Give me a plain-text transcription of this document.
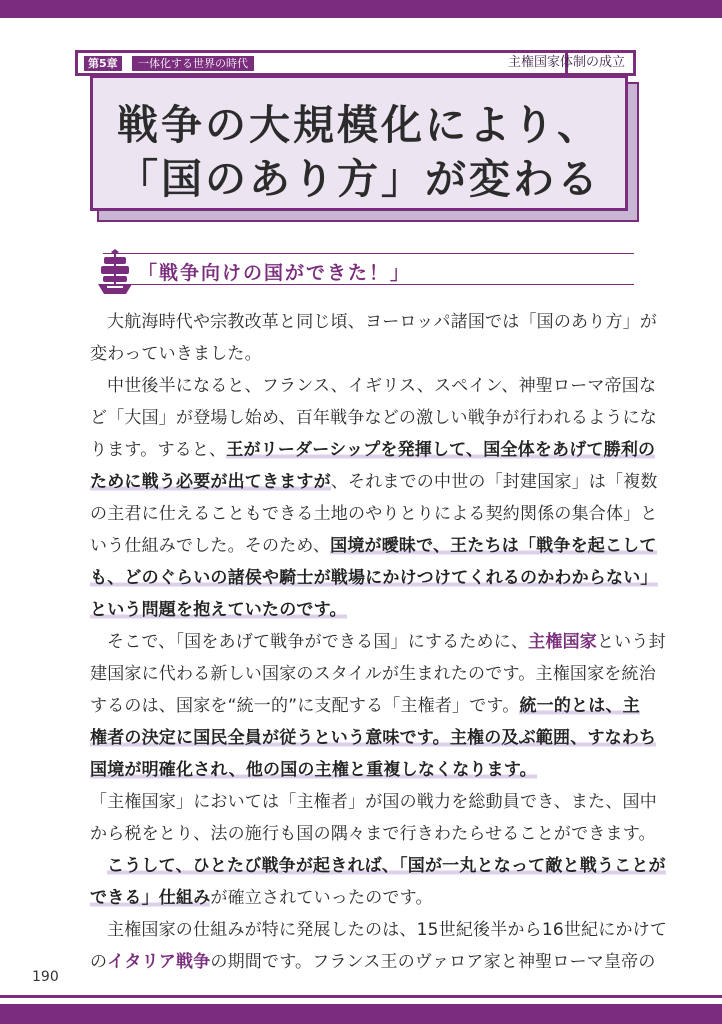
戦争の大規模化により、
「国のあり方」が変わる
第5章	一体化する世界の時代	主権国家体制の成立
「戦争向けの国ができた！」
大航海時代や宗教改革と同じ頃、ヨーロッパ諸国では「国のあり方」が
変わっていきました。
中世後半になると、フランス、イギリス、スペイン、神聖ローマ帝国な
ど「大国」が登場し始め、百年戦争などの激しい戦争が行われるようにな
ります。すると、王がリーダーシップを発揮して、国全体をあげて勝利の
ために戦う必要が出てきますが、それまでの中世の「封建国家」は「複数
の主君に仕えることもできる土地のやりとりによる契約関係の集合体」と
いう仕組みでした。そのため、国境が曖昧で、王たちは「戦争を起こして
も、どのぐらいの諸侯や騎士が戦場にかけつけてくれるのかわからない」
という問題を抱えていたのです。
そこで、「国をあげて戦争ができる国」にするために、主権国家という封
建国家に代わる新しい国家のスタイルが生まれたのです。主権国家を統治
するのは、国家を“統一的”に支配する「主権者」です。統一的とは、主
権者の決定に国民全員が従うという意味です。主権の及ぶ範囲、すなわち
国境が明確化され、他の国の主権と重複しなくなります。
「主権国家」においては「主権者」が国の戦力を総動員でき、また、国中
から税をとり、法の施行も国の隅々まで行きわたらせることができます。
こうして、ひとたび戦争が起きれば、「国が一丸となって敵と戦うことが
できる」仕組みが確立されていったのです。
主権国家の仕組みが特に発展したのは、15世紀後半から16世紀にかけて
のイタリア戦争の期間です。フランス王のヴァロア家と神聖ローマ皇帝の
190
